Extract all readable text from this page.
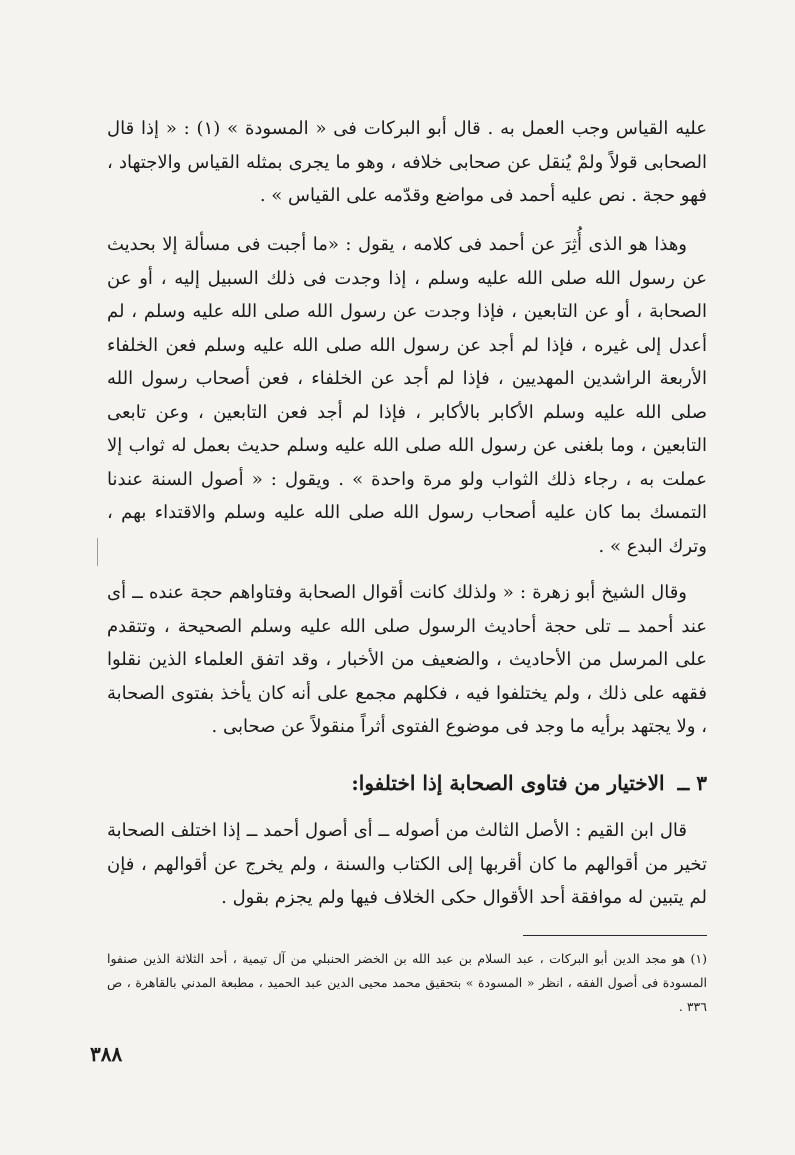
عليه القياس وجب العمل به . قال أبو البركات فى « المسودة » (١) : « إذا قال الصحابى قولاً ولمْ يُنقل عن صحابى خلافه ، وهو ما يجرى بمثله القياس والاجتهاد ، فهو حجة . نص عليه أحمد فى مواضع وقدّمه على القياس » .

وهذا هو الذى أُثِرَ عن أحمد فى كلامه ، يقول : «ما أجبت فى مسألة إلا بحديث عن رسول الله صلى الله عليه وسلم ، إذا وجدت فى ذلك السبيل إليه ، أو عن الصحابة ، أو عن التابعين ، فإذا وجدت عن رسول الله صلى الله عليه وسلم ، لم أعدل إلى غيره ، فإذا لم أجد عن رسول الله صلى الله عليه وسلم فعن الخلفاء الأربعة الراشدين المهديين ، فإذا لم أجد عن الخلفاء ، فعن أصحاب رسول الله صلى الله عليه وسلم الأكابر بالأكابر ، فإذا لم أجد فعن التابعين ، وعن تابعى التابعين ، وما بلغنى عن رسول الله صلى الله عليه وسلم حديث بعمل له ثواب إلا عملت به ، رجاء ذلك الثواب ولو مرة واحدة » . ويقول : « أصول السنة عندنا التمسك بما كان عليه أصحاب رسول الله صلى الله عليه وسلم والاقتداء بهم ، وترك البدع » .

وقال الشيخ أبو زهرة : « ولذلك كانت أقوال الصحابة وفتاواهم حجة عنده ــ أى عند أحمد ــ تلى حجة أحاديث الرسول صلى الله عليه وسلم الصحيحة ، وتتقدم على المرسل من الأحاديث ، والضعيف من الأخبار ، وقد اتفق العلماء الذين نقلوا فقهه على ذلك ، ولم يختلفوا فيه ، فكلهم مجمع على أنه كان يأخذ بفتوى الصحابة ، ولا يجتهد برأيه ما وجد فى موضوع الفتوى أثراً منقولاً عن صحابى .

٣ ــ الاختيار من فتاوى الصحابة إذا اختلفوا:

قال ابن القيم : الأصل الثالث من أصوله ــ أى أصول أحمد ــ إذا اختلف الصحابة تخير من أقوالهم ما كان أقربها إلى الكتاب والسنة ، ولم يخرج عن أقوالهم ، فإن لم يتبين له موافقة أحد الأقوال حكى الخلاف فيها ولم يجزم بقول .

(١) هو مجد الدين أبو البركات ، عبد السلام بن عبد الله بن الخضر الحنبلي من آل تيمية ، أحد الثلاثة الذين صنفوا المسودة فى أصول الفقه ، انظر « المسودة » بتحقيق محمد محيى الدين عبد الحميد ، مطبعة المدني بالقاهرة ، ص ٣٣٦ .

٣٨٨
